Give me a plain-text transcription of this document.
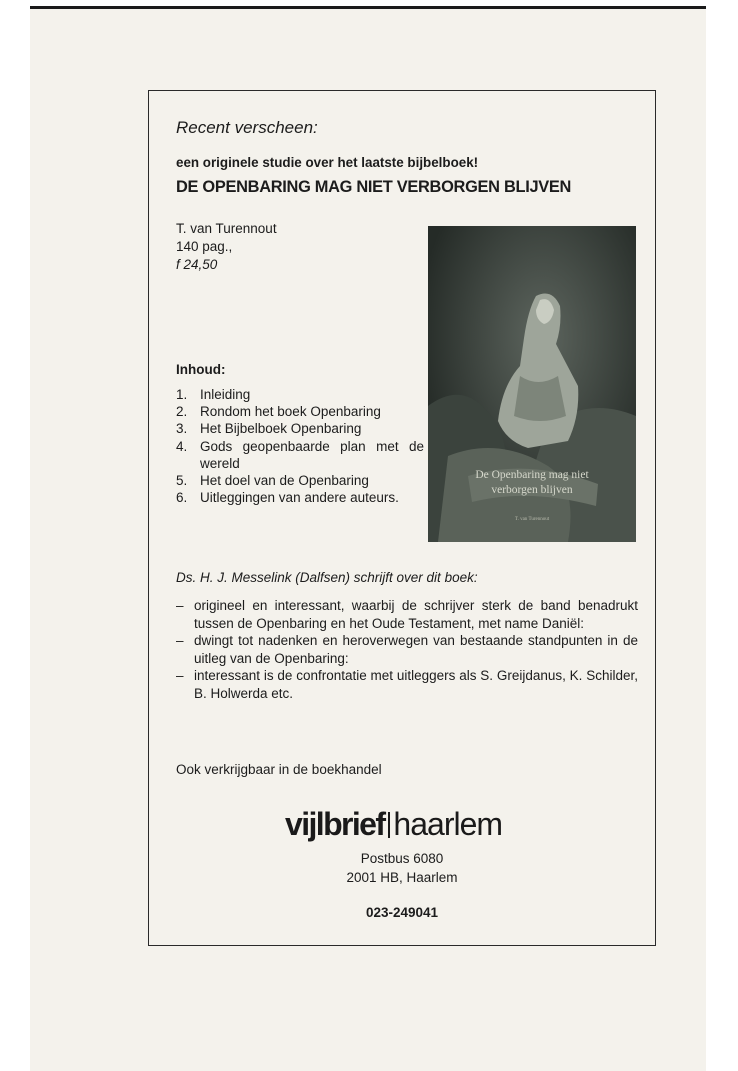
Recent verscheen:

een originele studie over het laatste bijbelboek!

DE OPENBARING MAG NIET VERBORGEN BLIJVEN

T. van Turennout
140 pag.,
f 24,50

Inhoud:

1. Inleiding
2. Rondom het boek Openbaring
3. Het Bijbelboek Openbaring
4. Gods geopenbaarde plan met de wereld
5. Het doel van de Openbaring
6. Uitleggingen van andere auteurs.
De Openbaring mag niet
verborgen blijven
T. van Turennout

Ds. H. J. Messelink (Dalfsen) schrijft over dit boek:

– origineel en interessant, waarbij de schrijver sterk de band benadrukt tussen de Openbaring en het Oude Testament, met name Daniël:
– dwingt tot nadenken en heroverwegen van bestaande standpunten in de uitleg van de Openbaring:
– interessant is de confrontatie met uitleggers als S. Greijdanus, K. Schilder, B. Holwerda etc.

Ook verkrijgbaar in de boekhandel

vijlbrief haarlem
Postbus 6080
2001 HB, Haarlem

023-249041
